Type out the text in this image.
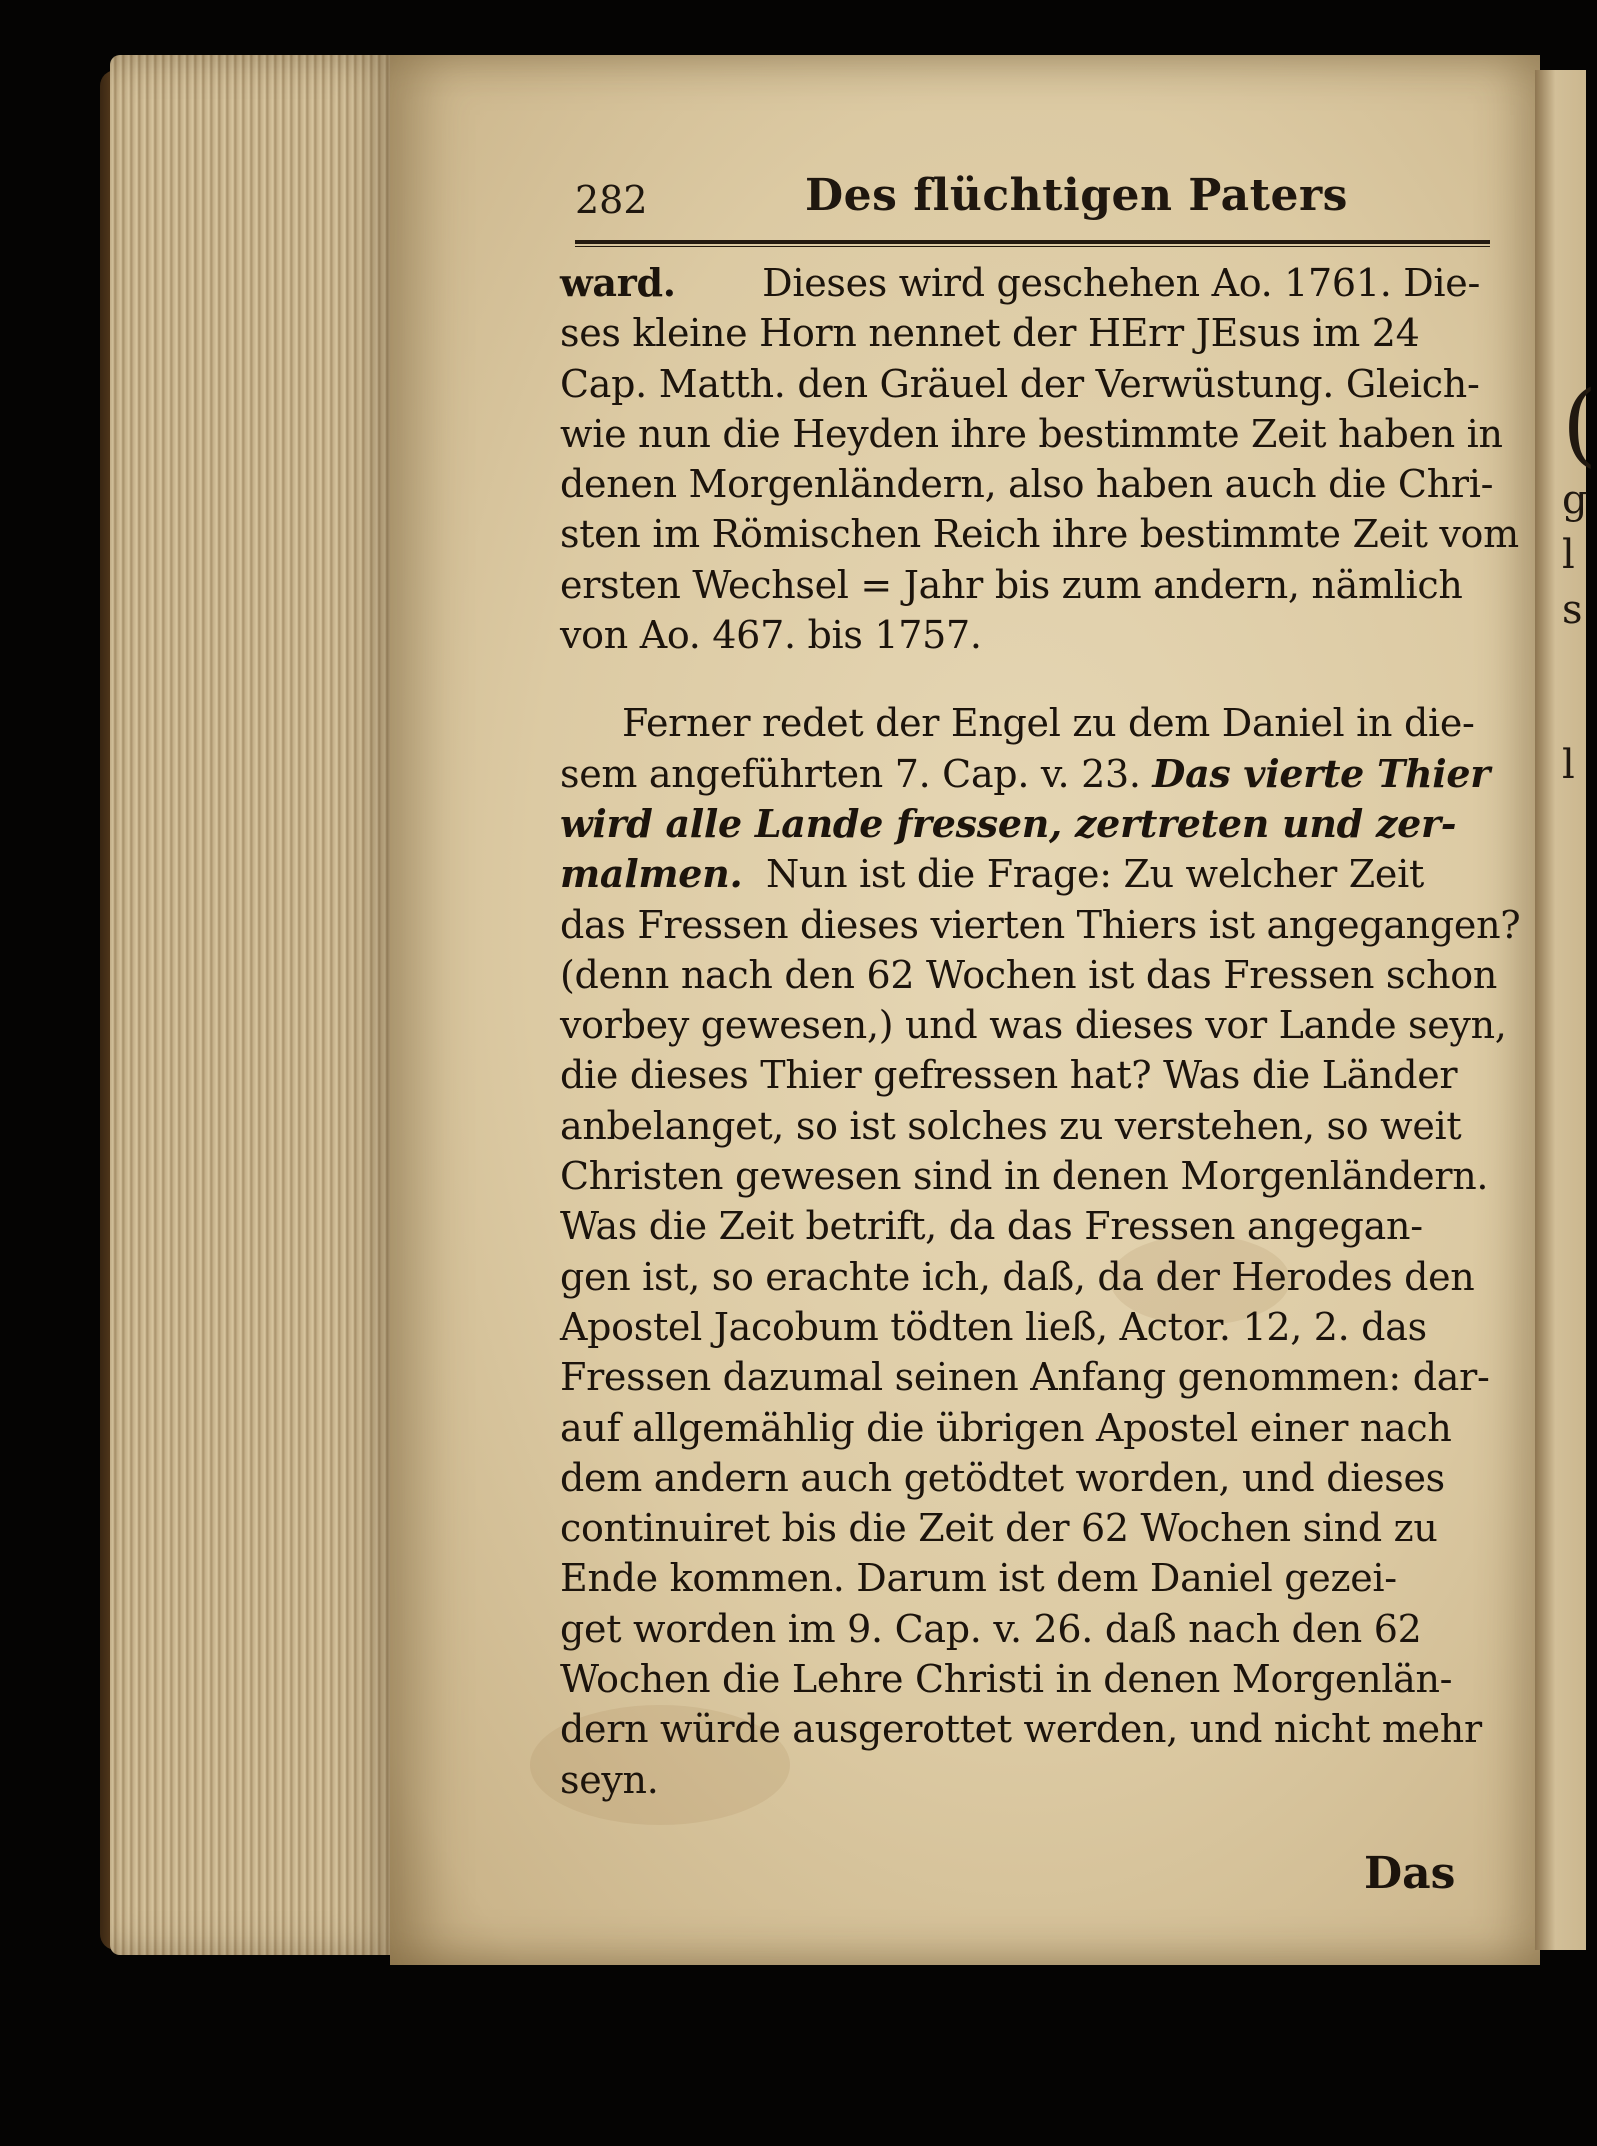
(
g
l
s
l
282	Des flüchtigen Paters
ward. Dieses wird geschehen Ao. 1761. Die-
ses kleine Horn nennet der HErr JEsus im 24
Cap. Matth. den Gräuel der Verwüstung. Gleich-
wie nun die Heyden ihre bestimmte Zeit haben in
denen Morgenländern, also haben auch die Chri-
sten im Römischen Reich ihre bestimmte Zeit vom
ersten Wechsel = Jahr bis zum andern, nämlich
von Ao. 467. bis 1757.
Ferner redet der Engel zu dem Daniel in die-
sem angeführten 7. Cap. v. 23. Das vierte Thier
wird alle Lande fressen, zertreten und zer-
malmen. Nun ist die Frage: Zu welcher Zeit
das Fressen dieses vierten Thiers ist angegangen?
(denn nach den 62 Wochen ist das Fressen schon
vorbey gewesen,) und was dieses vor Lande seyn,
die dieses Thier gefressen hat? Was die Länder
anbelanget, so ist solches zu verstehen, so weit
Christen gewesen sind in denen Morgenländern.
Was die Zeit betrift, da das Fressen angegan-
gen ist, so erachte ich, daß, da der Herodes den
Apostel Jacobum tödten ließ, Actor. 12, 2. das
Fressen dazumal seinen Anfang genommen: dar-
auf allgemählig die übrigen Apostel einer nach
dem andern auch getödtet worden, und dieses
continuiret bis die Zeit der 62 Wochen sind zu
Ende kommen. Darum ist dem Daniel gezei-
get worden im 9. Cap. v. 26. daß nach den 62
Wochen die Lehre Christi in denen Morgenlän-
dern würde ausgerottet werden, und nicht mehr
seyn.
Das
